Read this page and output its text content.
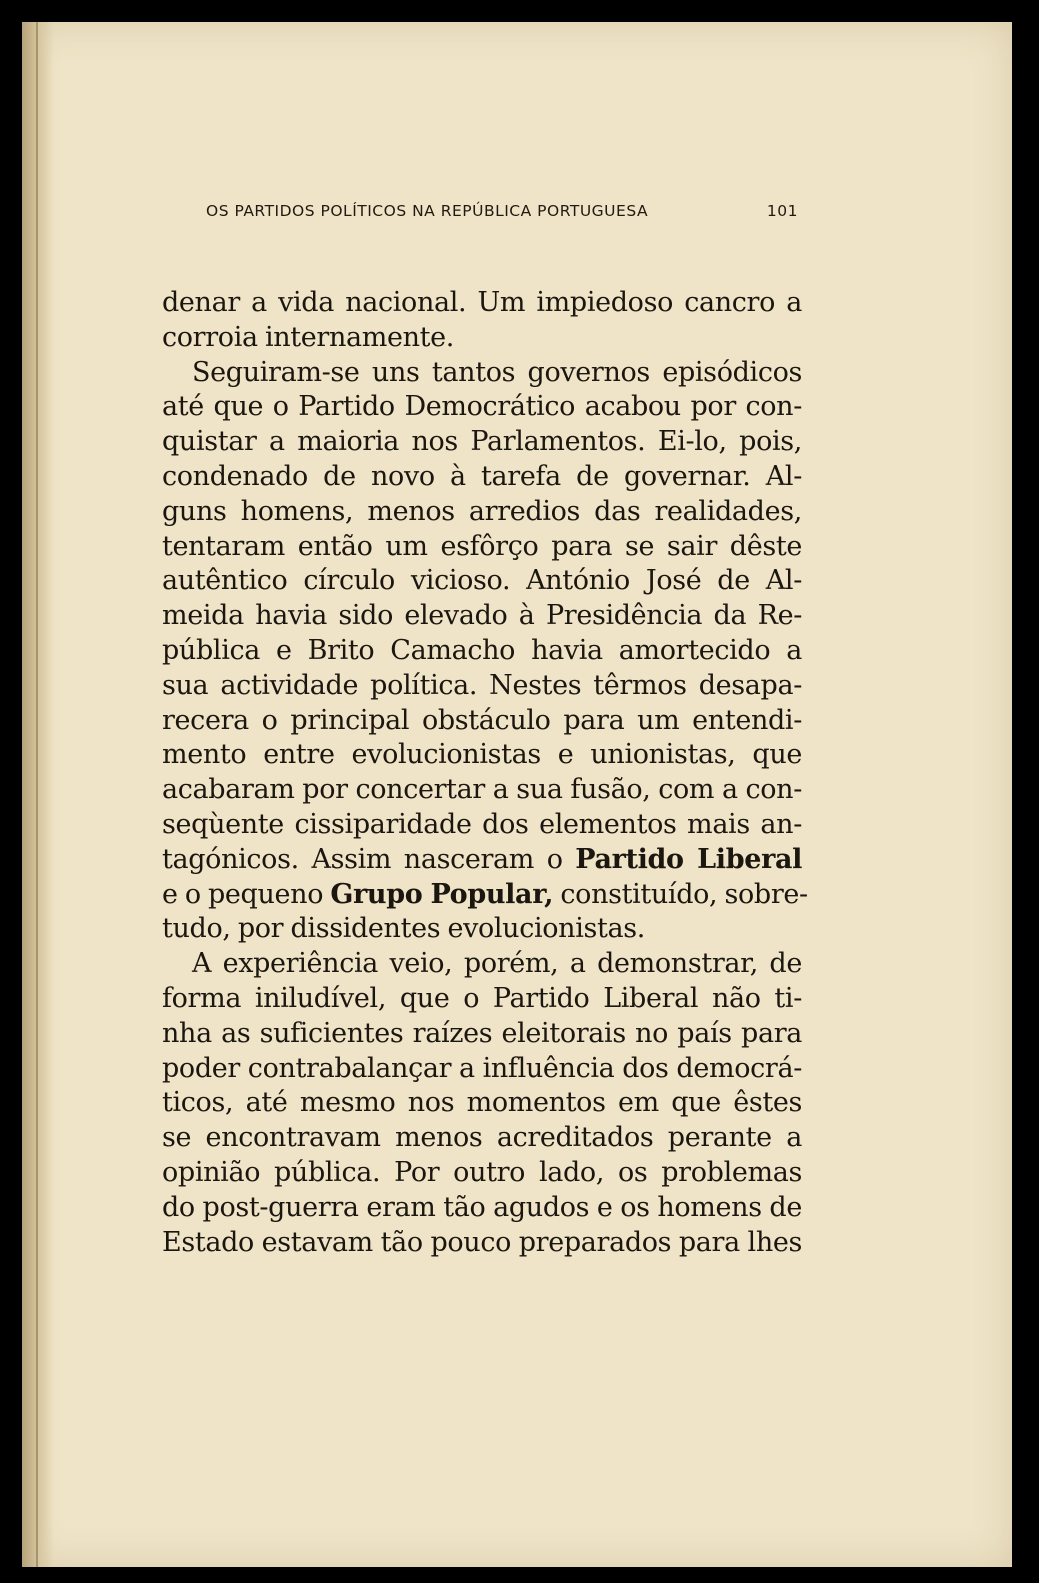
OS PARTIDOS POLÍTICOS NA REPÚBLICA PORTUGUESA	101
denar a vida nacional. Um impiedoso cancro a
corroia internamente.
Seguiram-se uns tantos governos episódicos
até que o Partido Democrático acabou por con-
quistar a maioria nos Parlamentos. Ei-lo, pois,
condenado de novo à tarefa de governar. Al-
guns homens, menos arredios das realidades,
tentaram então um esfôrço para se sair dêste
autêntico círculo vicioso. António José de Al-
meida havia sido elevado à Presidência da Re-
pública e Brito Camacho havia amortecido a
sua actividade política. Nestes têrmos desapa-
recera o principal obstáculo para um entendi-
mento entre evolucionistas e unionistas, que
acabaram por concertar a sua fusão, com a con-
seqùente cissiparidade dos elementos mais an-
tagónicos. Assim nasceram o Partido Liberal
e o pequeno Grupo Popular, constituído, sobre-
tudo, por dissidentes evolucionistas.
A experiência veio, porém, a demonstrar, de
forma iniludível, que o Partido Liberal não ti-
nha as suficientes raízes eleitorais no país para
poder contrabalançar a influência dos democrá-
ticos, até mesmo nos momentos em que êstes
se encontravam menos acreditados perante a
opinião pública. Por outro lado, os problemas
do post-guerra eram tão agudos e os homens de
Estado estavam tão pouco preparados para lhes
